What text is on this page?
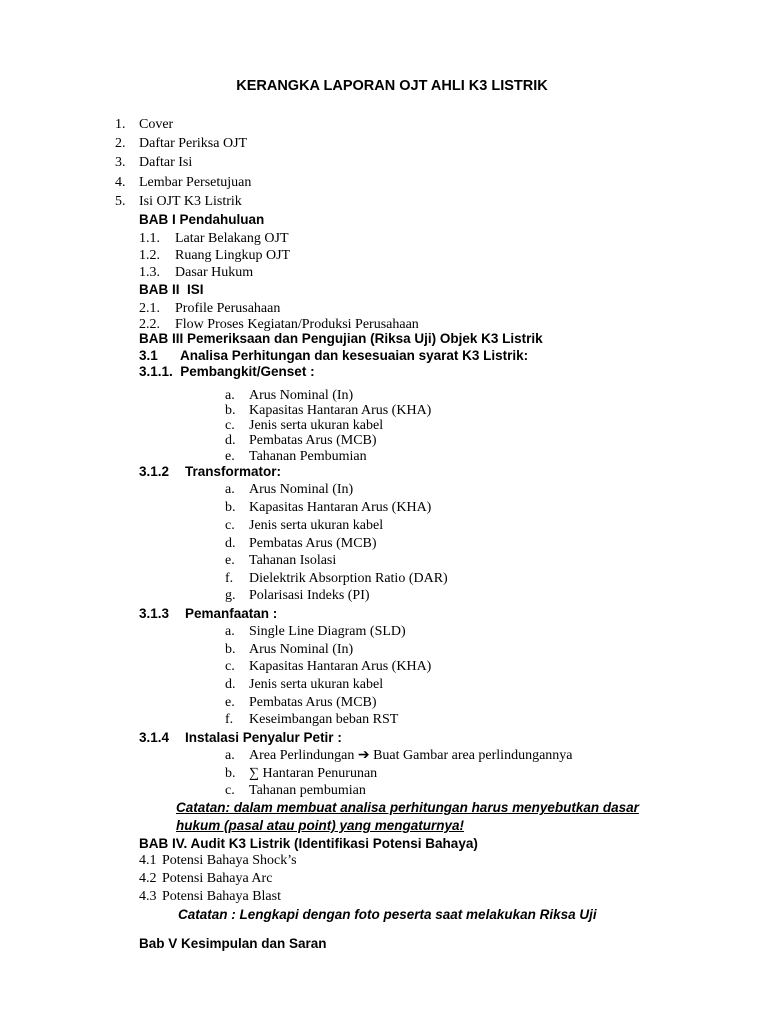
KERANGKA LAPORAN OJT AHLI K3 LISTRIK
1. Cover
2. Daftar Periksa OJT
3. Daftar Isi
4. Lembar Persetujuan
5. Isi OJT K3 Listrik
BAB I Pendahuluan
1.1. Latar Belakang OJT
1.2. Ruang Lingkup OJT
1.3. Dasar Hukum
BAB II  ISI
2.1. Profile Perusahaan
2.2. Flow Proses Kegiatan/Produksi Perusahaan
BAB III Pemeriksaan dan Pengujian (Riksa Uji) Objek K3 Listrik
3.1 Analisa Perhitungan dan kesesuaian syarat K3 Listrik:
3.1.1.  Pembangkit/Genset :
a. Arus Nominal (In)
b. Kapasitas Hantaran Arus (KHA)
c. Jenis serta ukuran kabel
d. Pembatas Arus (MCB)
e. Tahanan Pembumian
3.1.2 Transformator:
a. Arus Nominal (In)
b. Kapasitas Hantaran Arus (KHA)
c. Jenis serta ukuran kabel
d. Pembatas Arus (MCB)
e. Tahanan Isolasi
f. Dielektrik Absorption Ratio (DAR)
g. Polarisasi Indeks (PI)
3.1.3 Pemanfaatan :
a. Single Line Diagram (SLD)
b. Arus Nominal (In)
c. Kapasitas Hantaran Arus (KHA)
d. Jenis serta ukuran kabel
e. Pembatas Arus (MCB)
f. Keseimbangan beban RST
3.1.4 Instalasi Penyalur Petir :
a. Area Perlindungan ➔ Buat Gambar area perlindungannya
b. ∑ Hantaran Penurunan
c. Tahanan pembumian
Catatan: dalam membuat analisa perhitungan harus menyebutkan dasar
hukum (pasal atau point) yang mengaturnya!
BAB IV. Audit K3 Listrik (Identifikasi Potensi Bahaya)
4.1 Potensi Bahaya Shock’s
4.2 Potensi Bahaya Arc
4.3 Potensi Bahaya Blast
Catatan : Lengkapi dengan foto peserta saat melakukan Riksa Uji
Bab V Kesimpulan dan Saran
